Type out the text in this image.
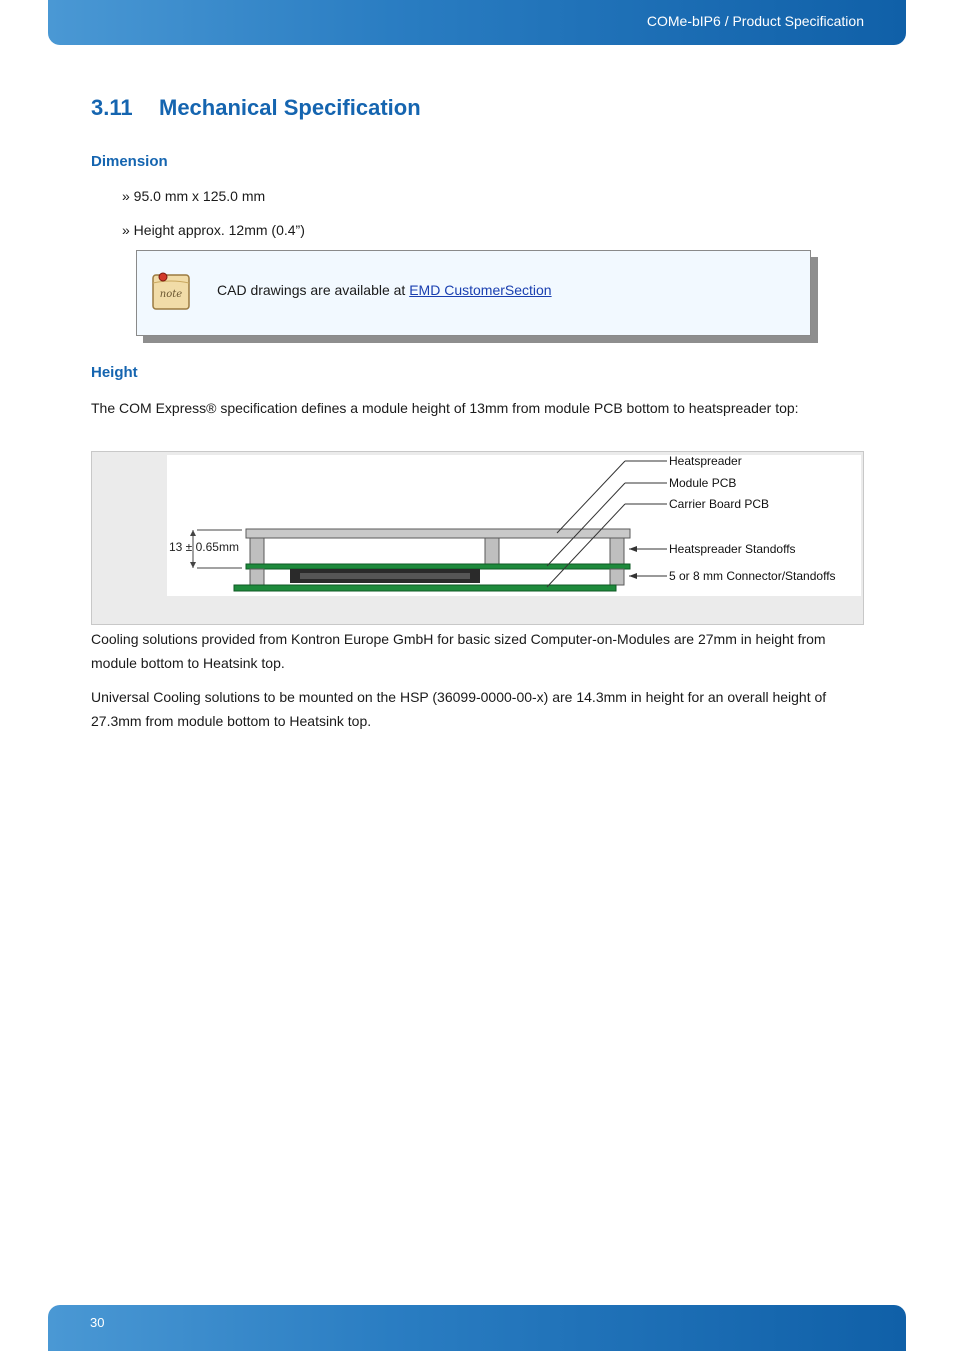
COMe-bIP6 / Product Specification
3.11 Mechanical Specification
Dimension
» 95.0 mm x 125.0 mm
» Height approx. 12mm (0.4”)
note CAD drawings are available at EMD CustomerSection
Height

The COM Express® specification defines a module height of 13mm from module PCB bottom to heatspreader top:

13 ± 0.65mm
Heatspreader
Module PCB
Carrier Board PCB
Heatspreader Standoffs
5 or 8 mm Connector/Standoffs

Cooling solutions provided from Kontron Europe GmbH for basic sized Computer-on-Modules are 27mm in height from module bottom to Heatsink top.

Universal Cooling solutions to be mounted on the HSP (36099-0000-00-x) are 14.3mm in height for an overall height of 27.3mm from module bottom to Heatsink top.

30
